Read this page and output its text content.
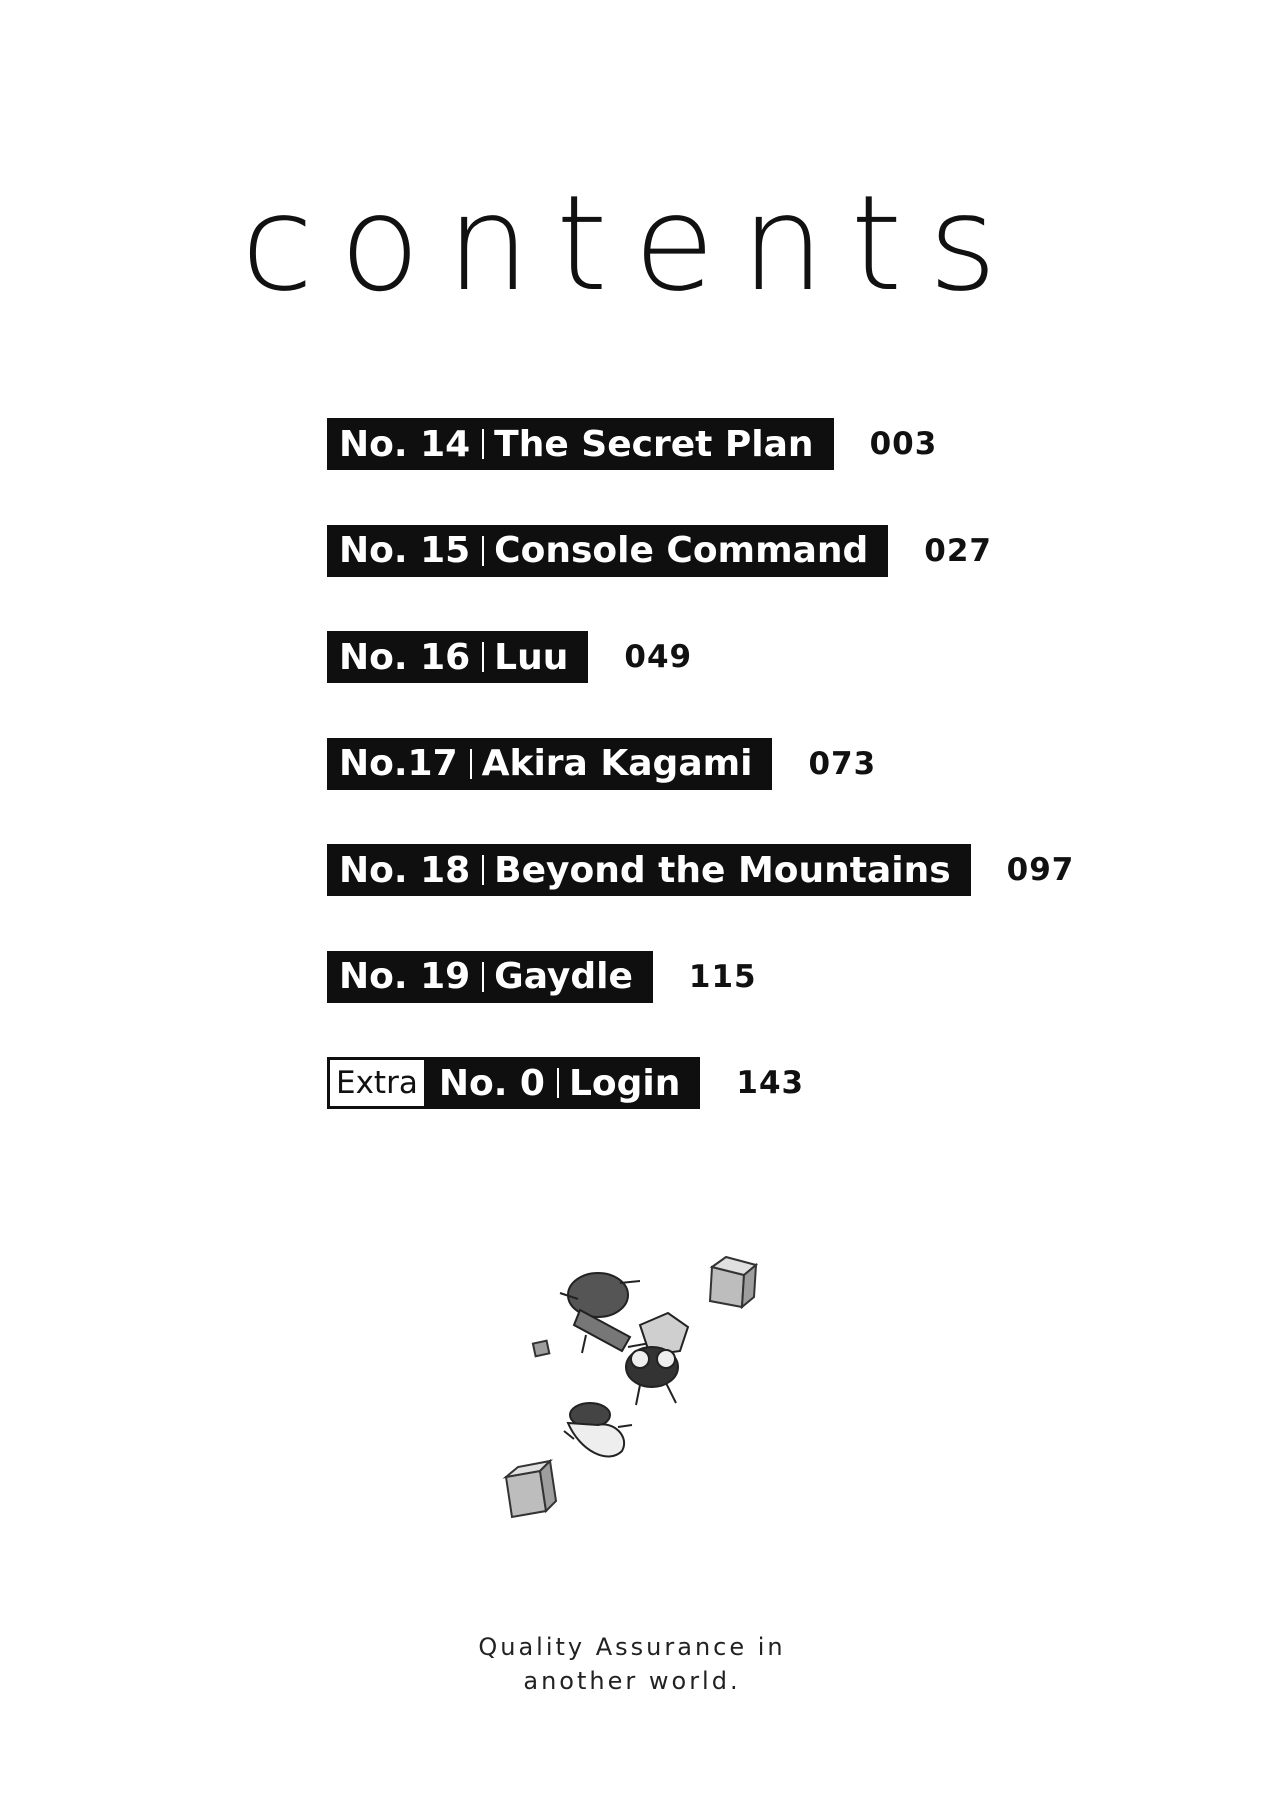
contents
No. 14 The Secret Plan 003
No. 15 Console Command 027
No. 16 Luu 049
No.17 Akira Kagami 073
No. 18 Beyond the Mountains 097
No. 19 Gaydle 115
Extra No. 0 Login 143
Quality Assurance in
another world.
